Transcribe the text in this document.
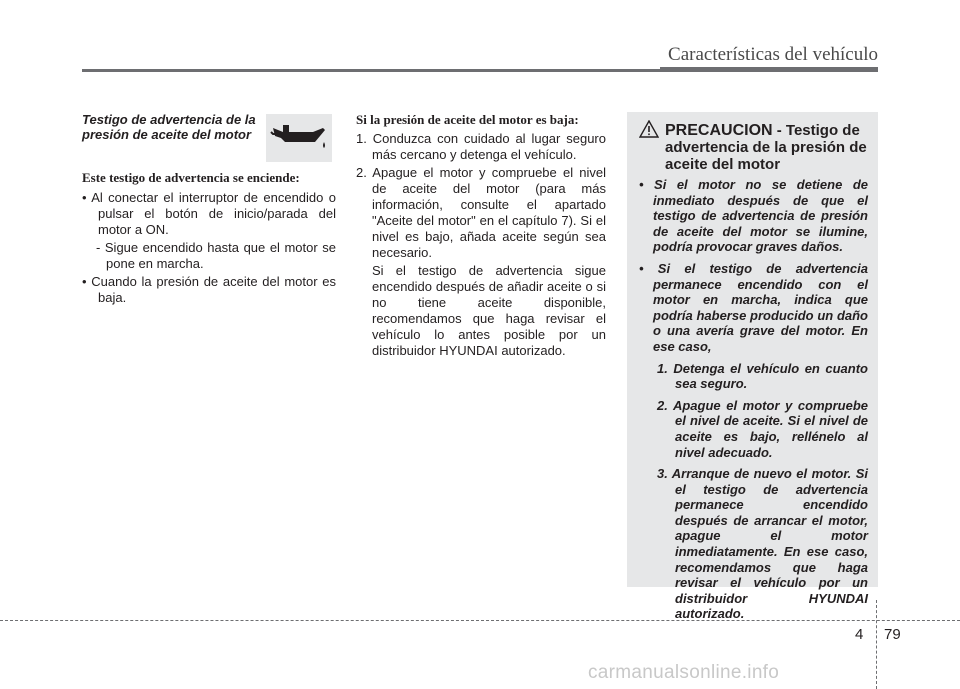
Características del vehículo
Testigo de advertencia de la presión de aceite del motor
Este testigo de advertencia se enciende:

• Al conectar el interruptor de encendido o pulsar el botón de inicio/parada del motor a ON.

- Sigue encendido hasta que el motor se pone en marcha.

• Cuando la presión de aceite del motor es baja.

Si la presión de aceite del motor es baja:

1. Conduzca con cuidado al lugar seguro más cercano y detenga el vehículo.

2. Apague el motor y compruebe el nivel de aceite del motor (para más información, consulte el apartado "Aceite del motor" en el capítulo 7). Si el nivel es bajo, añada aceite según sea necesario.

Si el testigo de advertencia sigue encendido después de añadir aceite o si no tiene aceite disponible, recomendamos que haga revisar el vehículo lo antes posible por un distribuidor HYUNDAI autorizado.

PRECAUCION - Testigo de advertencia de la presión de aceite del motor

• Si el motor no se detiene de inmediato después de que el testigo de advertencia de presión de aceite del motor se ilumine, podría provocar graves daños.

• Si el testigo de advertencia permanece encendido con el motor en marcha, indica que podría haberse producido un daño o una avería grave del motor. En ese caso,

1. Detenga el vehículo en cuanto sea seguro.

2. Apague el motor y compruebe el nivel de aceite. Si el nivel de aceite es bajo, rellénelo al nivel adecuado.

3. Arranque de nuevo el motor. Si el testigo de advertencia permanece encendido después de arrancar el motor, apague el motor inmediatamente. En ese caso, recomendamos que haga revisar el vehículo por un distribuidor HYUNDAI autorizado.

4 79
carmanualsonline.info
